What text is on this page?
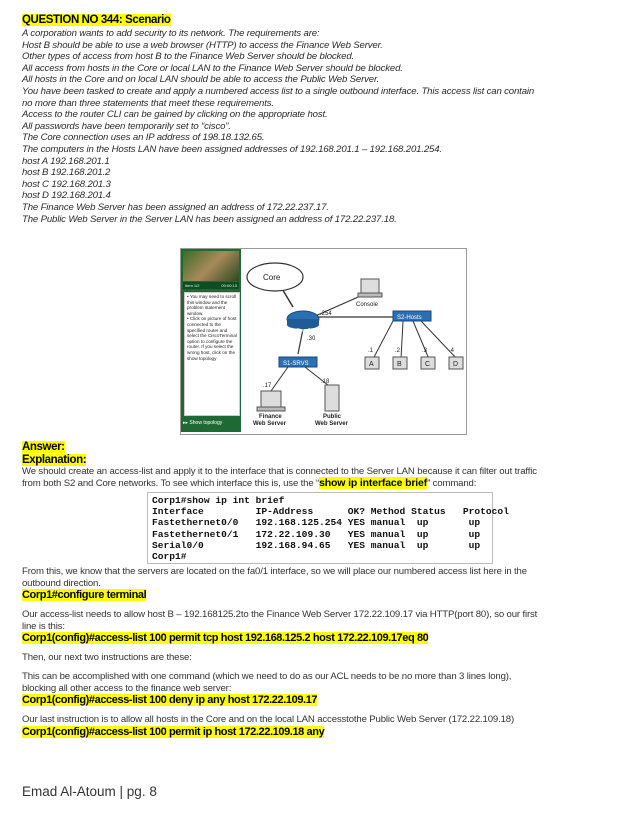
QUESTION NO 344: Scenario
A corporation wants to add security to its network. The requirements are:
Host B should be able to use a web browser (HTTP) to access the Finance Web Server.
Other types of access from host B to the Finance Web Server should be blocked.
All access from hosts in the Core or local LAN to the Finance Web Server should be blocked.
All hosts in the Core and on local LAN should be able to access the Public Web Server.
You have been tasked to create and apply a numbered access list to a single outbound interface. This access list can contain
no more than three statements that meet these requirements.
Access to the router CLI can be gained by clicking on the appropriate host.
All passwords have been temporarily set to “cisco”.
The Core connection uses an IP address of 198.18.132.65.
The computers in the Hosts LAN have been assigned addresses of 192.168.201.1 – 192.168.201.254.
host A 192.168.201.1
host B 192.168.201.2
host C 192.168.201.3
host D 192.168.201.4
The Finance Web Server has been assigned an address of 172.22.237.17.
The Public Web Server in the Server LAN has been assigned an address of 172.22.237.18.
Item 1/2	00:00:13
• You may need to scroll this window and the problem statement window.
• Click on picture of host connected to the specified router and select the CiscoTerminal option to configure the router. If you select the wrong host, click on the show topology
▸▸ Show topology
Core
Console
Corp1
.254
.30
S2-Hosts
S1-SRVS
.1	.2	.3	.4
A	B	C	D
.17
Finance
Web Server
.18
Public
Web Server
Answer:
Explanation:
We should create an access-list and apply it to the interface that is connected to the Server LAN because it can filter out traffic
from both S2 and Core networks. To see which interface this is, use the “show ip interface brief” command:
Corp1#show ip int brief
Interface         IP-Address      OK? Method Status   Protocol
Fastethernet0/0   192.168.125.254 YES manual  up       up
Fastethernet0/1   172.22.109.30   YES manual  up       up
Serial0/0         192.168.94.65   YES manual  up       up
Corp1#
From this, we know that the servers are located on the fa0/1 interface, so we will place our numbered access list here in the
outbound direction.
Corp1#configure terminal
Our access-list needs to allow host B – 192.168125.2to the Finance Web Server 172.22.109.17 via HTTP(port 80), so our first
line is this:
Corp1(config)#access-list 100 permit tcp host 192.168.125.2 host 172.22.109.17eq 80
Then, our next two instructions are these:
This can be accomplished with one command (which we need to do as our ACL needs to be no more than 3 lines long),
blocking all other access to the finance web server:
Corp1(config)#access-list 100 deny ip any host 172.22.109.17
Our last instruction is to allow all hosts in the Core and on the local LAN accesstothe Public Web Server (172.22.109.18)
Corp1(config)#access-list 100 permit ip host 172.22.109.18 any
Emad Al-Atoum | pg. 8
